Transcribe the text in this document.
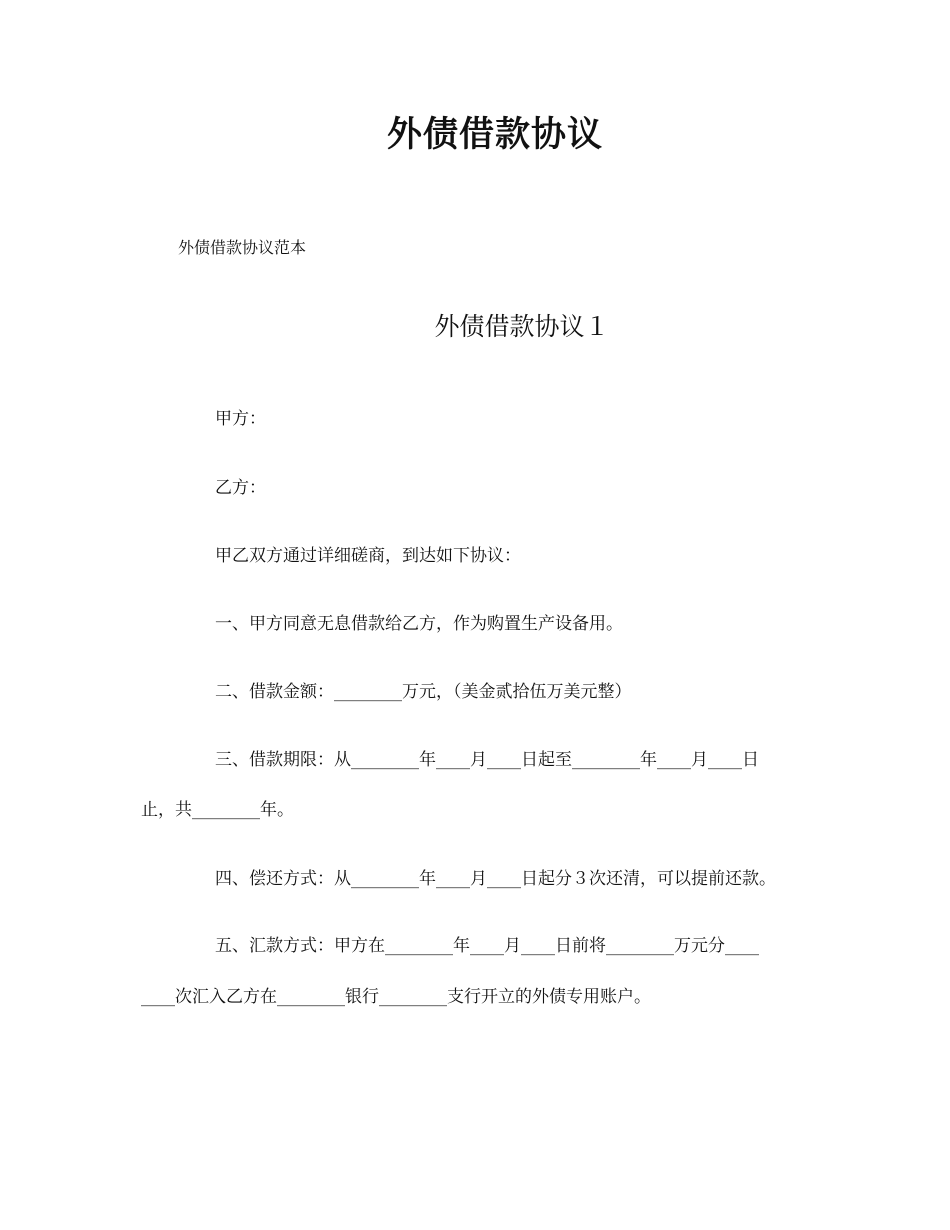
外债借款协议

外债借款协议范本

外债借款协议１

甲方：

乙方：

甲乙双方通过详细磋商，到达如下协议：

一、甲方同意无息借款给乙方，作为购置生产设备用。

二、借款金额：________万元，（美金贰拾伍万美元整）

三、借款期限：从________年____月____日起至________年____月____日

止，共________年。

四、偿还方式：从________年____月____日起分３次还清，可以提前还款。

五、汇款方式：甲方在________年____月____日前将________万元分____

____次汇入乙方在________银行________支行开立的外债专用账户。
